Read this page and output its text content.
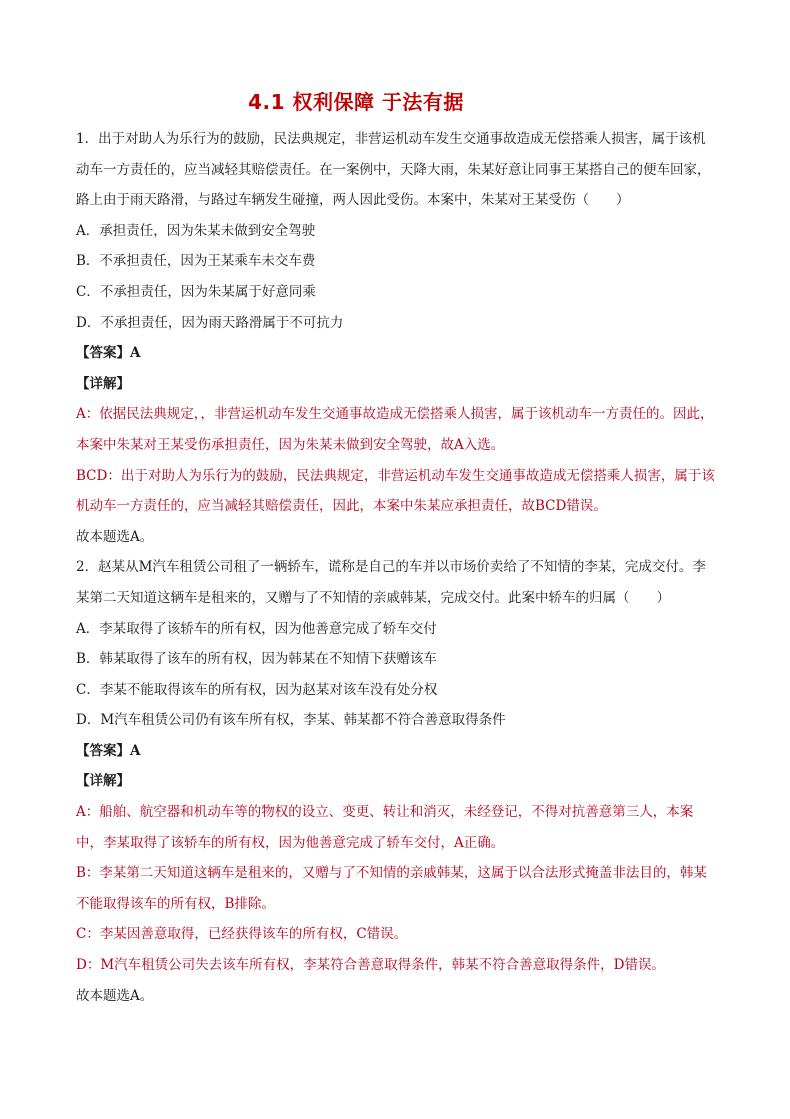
4.1 权利保障 于法有据

1．出于对助人为乐行为的鼓励，民法典规定，非营运机动车发生交通事故造成无偿搭乘人损害，属于该机动车一方责任的，应当减轻其赔偿责任。在一案例中，天降大雨，朱某好意让同事王某搭自己的便车回家，路上由于雨天路滑，与路过车辆发生碰撞，两人因此受伤。本案中，朱某对王某受伤（　　）

A．承担责任，因为朱某未做到安全驾驶

B．不承担责任，因为王某乘车未交车费

C．不承担责任，因为朱某属于好意同乘

D．不承担责任，因为雨天路滑属于不可抗力

【答案】A

【详解】

A：依据民法典规定，，非营运机动车发生交通事故造成无偿搭乘人损害，属于该机动车一方责任的。因此，本案中朱某对王某受伤承担责任，因为朱某未做到安全驾驶，故A入选。

BCD：出于对助人为乐行为的鼓励，民法典规定，非营运机动车发生交通事故造成无偿搭乘人损害，属于该机动车一方责任的，应当减轻其赔偿责任，因此，本案中朱某应承担责任，故BCD错误。

故本题选A。

2．赵某从M汽车租赁公司租了一辆轿车，谎称是自己的车并以市场价卖给了不知情的李某，完成交付。李某第二天知道这辆车是租来的，又赠与了不知情的亲戚韩某，完成交付。此案中轿车的归属（　　）

A．李某取得了该轿车的所有权，因为他善意完成了轿车交付

B．韩某取得了该车的所有权，因为韩某在不知情下获赠该车

C．李某不能取得该车的所有权，因为赵某对该车没有处分权

D．M汽车租赁公司仍有该车所有权，李某、韩某都不符合善意取得条件

【答案】A

【详解】

A：船舶、航空器和机动车等的物权的设立、变更、转让和消灭，未经登记，不得对抗善意第三人，本案中，李某取得了该轿车的所有权，因为他善意完成了轿车交付，A正确。

B：李某第二天知道这辆车是租来的，又赠与了不知情的亲戚韩某，这属于以合法形式掩盖非法目的，韩某不能取得该车的所有权，B排除。

C：李某因善意取得，已经获得该车的所有权，C错误。

D：M汽车租赁公司失去该车所有权，李某符合善意取得条件，韩某不符合善意取得条件，D错误。

故本题选A。
